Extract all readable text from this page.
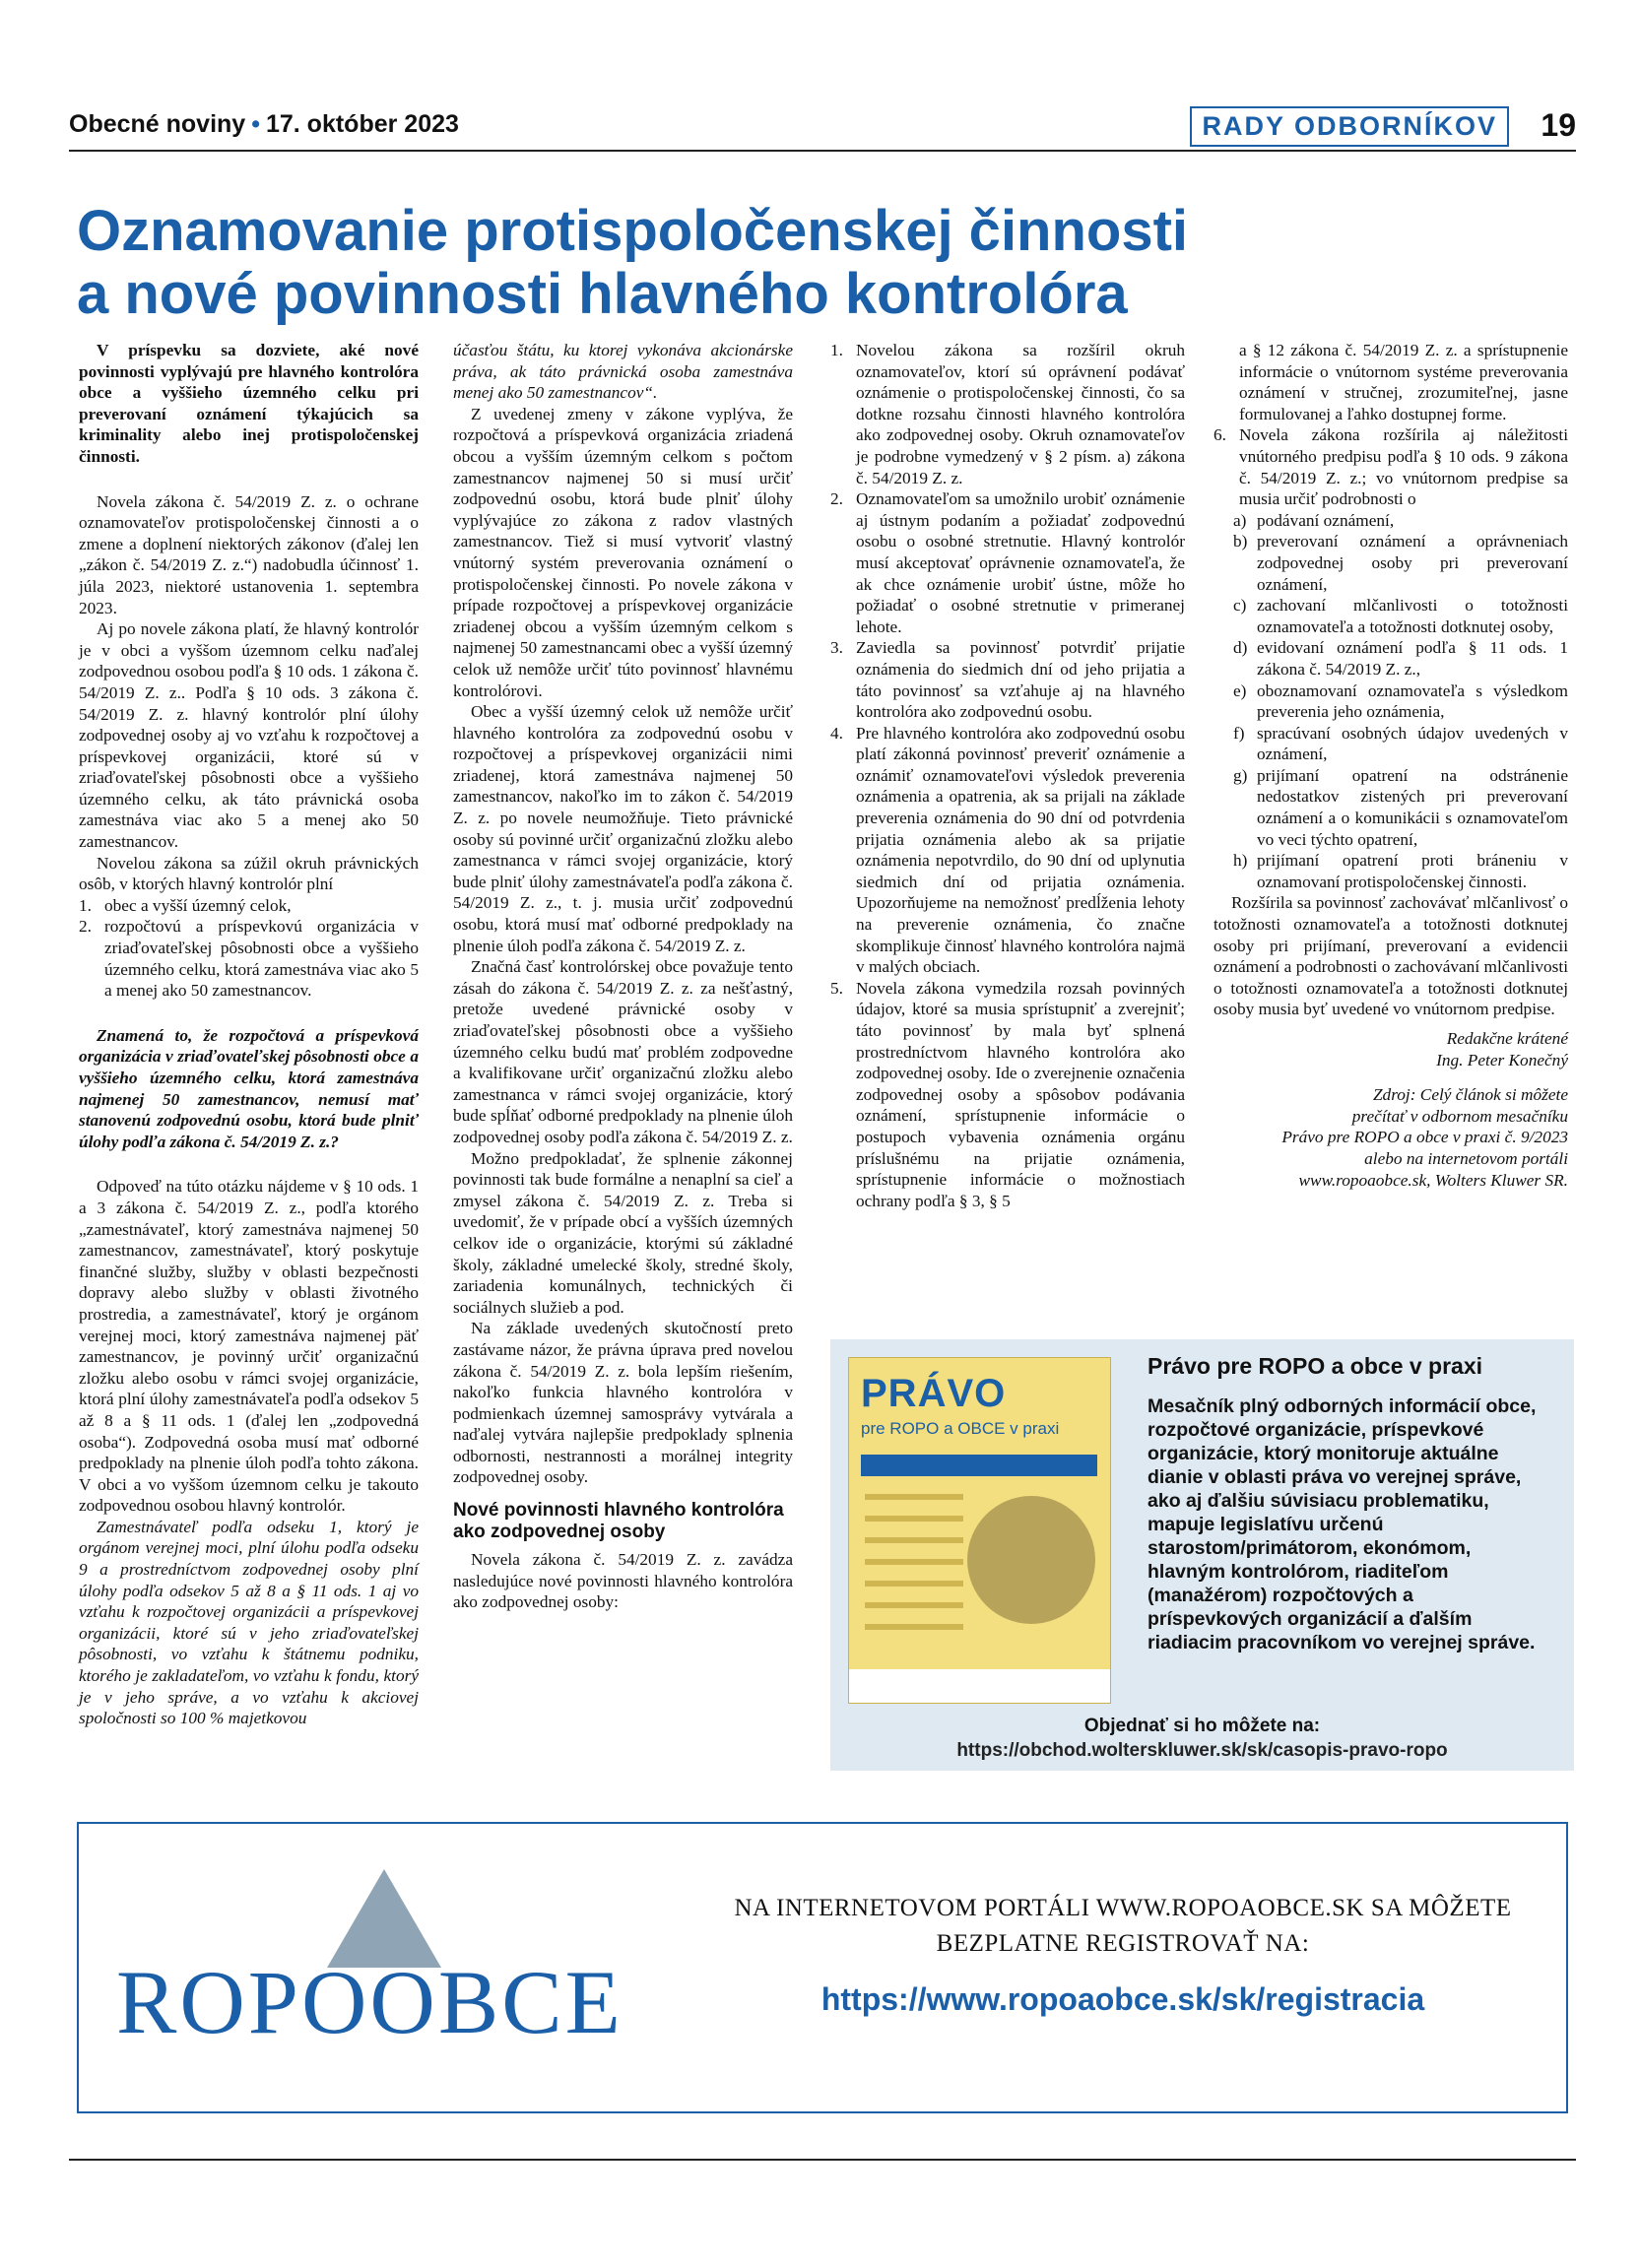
Obecné noviny • 17. október 2023	RADY ODBORNÍKOV	19
Oznamovanie protispoločenskej činnosti
a nové povinnosti hlavného kontrolóra

V príspevku sa dozviete, aké nové povinnosti vyplývajú pre hlavného kontrolóra obce a vyššieho územného celku pri preverovaní oznámení týkajúcich sa kriminality alebo inej protispoločenskej činnosti.

Novela zákona č. 54/2019 Z. z. o ochrane oznamovateľov protispoločenskej činnosti a o zmene a doplnení niektorých zákonov (ďalej len „zákon č. 54/2019 Z. z.“) nadobudla účinnosť 1. júla 2023, niektoré ustanovenia 1. septembra 2023.

Aj po novele zákona platí, že hlavný kontrolór je v obci a vyššom územnom celku naďalej zodpovednou osobou podľa § 10 ods. 1 zákona č. 54/2019 Z. z.. Podľa § 10 ods. 3 zákona č. 54/2019 Z. z. hlavný kontrolór plní úlohy zodpovednej osoby aj vo vzťahu k rozpočtovej a príspevkovej organizácii, ktoré sú v zriaďovateľskej pôsobnosti obce a vyššieho územného celku, ak táto právnická osoba zamestnáva viac ako 5 a menej ako 50 zamestnancov.

Novelou zákona sa zúžil okruh právnických osôb, v ktorých hlavný kontrolór plní

1. obec a vyšší územný celok,
2. rozpočtovú a príspevkovú organizácia v zriaďovateľskej pôsobnosti obce a vyššieho územného celku, ktorá zamestnáva viac ako 5 a menej ako 50 zamestnancov.

Znamená to, že rozpočtová a príspevková organizácia v zriaďovateľskej pôsobnosti obce a vyššieho územného celku, ktorá zamestnáva najmenej 50 zamestnancov, nemusí mať stanovenú zodpovednú osobu, ktorá bude plniť úlohy podľa zákona č. 54/2019 Z. z.?

Odpoveď na túto otázku nájdeme v § 10 ods. 1 a 3 zákona č. 54/2019 Z. z., podľa ktorého „zamestnávateľ, ktorý zamestnáva najmenej 50 zamestnancov, zamestnávateľ, ktorý poskytuje finančné služby, služby v oblasti bezpečnosti dopravy alebo služby v oblasti životného prostredia, a zamestnávateľ, ktorý je orgánom verejnej moci, ktorý zamestnáva najmenej päť zamestnancov, je povinný určiť organizačnú zložku alebo osobu v rámci svojej organizácie, ktorá plní úlohy zamestnávateľa podľa odsekov 5 až 8 a § 11 ods. 1 (ďalej len „zodpovedná osoba“). Zodpovedná osoba musí mať odborné predpoklady na plnenie úloh podľa tohto zákona. V obci a vo vyššom územnom celku je takouto zodpovednou osobou hlavný kontrolór.

Zamestnávateľ podľa odseku 1, ktorý je orgánom verejnej moci, plní úlohu podľa odseku 9 a prostredníctvom zodpovednej osoby plní úlohy podľa odsekov 5 až 8 a § 11 ods. 1 aj vo vzťahu k rozpočtovej organizácii a príspevkovej organizácii, ktoré sú v jeho zriaďovateľskej pôsobnosti, vo vzťahu k štátnemu podniku, ktorého je zakladateľom, vo vzťahu k fondu, ktorý je v jeho správe, a vo vzťahu k akciovej spoločnosti so 100 % majetkovou

účasťou štátu, ku ktorej vykonáva akcionárske práva, ak táto právnická osoba zamestnáva menej ako 50 zamestnancov“.

Z uvedenej zmeny v zákone vyplýva, že rozpočtová a príspevková organizácia zriadená obcou a vyšším územným celkom s počtom zamestnancov najmenej 50 si musí určiť zodpovednú osobu, ktorá bude plniť úlohy vyplývajúce zo zákona z radov vlastných zamestnancov. Tiež si musí vytvoriť vlastný vnútorný systém preverovania oznámení o protispoločenskej činnosti. Po novele zákona v prípade rozpočtovej a príspevkovej organizácie zriadenej obcou a vyšším územným celkom s najmenej 50 zamestnancami obec a vyšší územný celok už nemôže určiť túto povinnosť hlavnému kontrolórovi.

Obec a vyšší územný celok už nemôže určiť hlavného kontrolóra za zodpovednú osobu v rozpočtovej a príspevkovej organizácii nimi zriadenej, ktorá zamestnáva najmenej 50 zamestnancov, nakoľko im to zákon č. 54/2019 Z. z. po novele neumožňuje. Tieto právnické osoby sú povinné určiť organizačnú zložku alebo zamestnanca v rámci svojej organizácie, ktorý bude plniť úlohy zamestnávateľa podľa zákona č. 54/2019 Z. z., t. j. musia určiť zodpovednú osobu, ktorá musí mať odborné predpoklady na plnenie úloh podľa zákona č. 54/2019 Z. z.

Značná časť kontrolórskej obce považuje tento zásah do zákona č. 54/2019 Z. z. za nešťastný, pretože uvedené právnické osoby v zriaďovateľskej pôsobnosti obce a vyššieho územného celku budú mať problém zodpovedne a kvalifikovane určiť organizačnú zložku alebo zamestnanca v rámci svojej organizácie, ktorý bude spĺňať odborné predpoklady na plnenie úloh zodpovednej osoby podľa zákona č. 54/2019 Z. z.

Možno predpokladať, že splnenie zákonnej povinnosti tak bude formálne a nenaplní sa cieľ a zmysel zákona č. 54/2019 Z. z. Treba si uvedomiť, že v prípade obcí a vyšších územných celkov ide o organizácie, ktorými sú základné školy, základné umelecké školy, stredné školy, zariadenia komunálnych, technických či sociálnych služieb a pod.

Na základe uvedených skutočností preto zastávame názor, že právna úprava pred novelou zákona č. 54/2019 Z. z. bola lepším riešením, nakoľko funkcia hlavného kontrolóra v podmienkach územnej samosprávy vytvárala a naďalej vytvára najlepšie predpoklady splnenia odbornosti, nestrannosti a morálnej integrity zodpovednej osoby.

Nové povinnosti hlavného kontrolóra ako zodpovednej osoby

Novela zákona č. 54/2019 Z. z. zavádza nasledujúce nové povinnosti hlavného kontrolóra ako zodpovednej osoby:

1. Novelou zákona sa rozšíril okruh oznamovateľov, ktorí sú oprávnení podávať oznámenie o protispoločenskej činnosti, čo sa dotkne rozsahu činnosti hlavného kontrolóra ako zodpovednej osoby. Okruh oznamovateľov je podrobne vymedzený v § 2 písm. a) zákona č. 54/2019 Z. z.
2. Oznamovateľom sa umožnilo urobiť oznámenie aj ústnym podaním a požiadať zodpovednú osobu o osobné stretnutie. Hlavný kontrolór musí akceptovať oprávnenie oznamovateľa, že ak chce oznámenie urobiť ústne, môže ho požiadať o osobné stretnutie v primeranej lehote.
3. Zaviedla sa povinnosť potvrdiť prijatie oznámenia do siedmich dní od jeho prijatia a táto povinnosť sa vzťahuje aj na hlavného kontrolóra ako zodpovednú osobu.
4. Pre hlavného kontrolóra ako zodpovednú osobu platí zákonná povinnosť preveriť oznámenie a oznámiť oznamovateľovi výsledok preverenia oznámenia a opatrenia, ak sa prijali na základe preverenia oznámenia do 90 dní od potvrdenia prijatia oznámenia alebo ak sa prijatie oznámenia nepotvrdilo, do 90 dní od uplynutia siedmich dní od prijatia oznámenia. Upozorňujeme na nemožnosť predĺženia lehoty na preverenie oznámenia, čo značne skomplikuje činnosť hlavného kontrolóra najmä v malých obciach.
5. Novela zákona vymedzila rozsah povinných údajov, ktoré sa musia sprístupniť a zverejniť; táto povinnosť by mala byť splnená prostredníctvom hlavného kontrolóra ako zodpovednej osoby. Ide o zverejnenie označenia zodpovednej osoby a spôsobov podávania oznámení, sprístupnenie informácie o postupoch vybavenia oznámenia orgánu príslušnému na prijatie oznámenia, sprístupnenie informácie o možnostiach ochrany podľa § 3, § 5

a § 12 zákona č. 54/2019 Z. z. a sprístupnenie informácie o vnútornom systéme preverovania oznámení v stručnej, zrozumiteľnej, jasne formulovanej a ľahko dostupnej forme.

6. Novela zákona rozšírila aj náležitosti vnútorného predpisu podľa § 10 ods. 9 zákona č. 54/2019 Z. z.; vo vnútornom predpise sa musia určiť podrobnosti o
a) podávaní oznámení,
b) preverovaní oznámení a oprávneniach zodpovednej osoby pri preverovaní oznámení,
c) zachovaní mlčanlivosti o totožnosti oznamovateľa a totožnosti dotknutej osoby,
d) evidovaní oznámení podľa § 11 ods. 1 zákona č. 54/2019 Z. z.,
e) oboznamovaní oznamovateľa s výsledkom preverenia jeho oznámenia,
f) spracúvaní osobných údajov uvedených v oznámení,
g) prijímaní opatrení na odstránenie nedostatkov zistených pri preverovaní oznámení a o komunikácii s oznamovateľom vo veci týchto opatrení,
h) prijímaní opatrení proti bráneniu v oznamovaní protispoločenskej činnosti.

Rozšírila sa povinnosť zachovávať mlčanlivosť o totožnosti oznamovateľa a totožnosti dotknutej osoby pri prijímaní, preverovaní a evidencii oznámení a podrobnosti o zachovávaní mlčanlivosti o totožnosti oznamovateľa a totožnosti dotknutej osoby musia byť uvedené vo vnútornom predpise.

Redakčne krátené
Ing. Peter Konečný
Zdroj: Celý článok si môžete
prečítať v odbornom mesačníku
Právo pre ROPO a obce v praxi č. 9/2023
alebo na internetovom portáli
www.ropoaobce.sk, Wolters Kluwer SR.
PRÁVO
pre ROPO a OBCE v praxi
Právo pre ROPO a obce v praxi
Mesačník plný odborných informácií obce, rozpočtové organizácie, príspevkové organizácie, ktorý monitoruje aktuálne dianie v oblasti práva vo verejnej správe, ako aj ďalšiu súvisiacu problematiku, mapuje legislatívu určenú starostom/primátorom, ekonómom, hlavným kontrolórom, riaditeľom (manažérom) rozpočtových a príspevkových organizácií a ďalším riadiacim pracovníkom vo verejnej správe.
Objednať si ho môžete na:
https://obchod.wolterskluwer.sk/sk/casopis-pravo-ropo
ROPOOBCE
NA INTERNETOVOM PORTÁLI WWW.ROPOAOBCE.SK SA MÔŽETE
BEZPLATNE REGISTROVAŤ NA:
https://www.ropoaobce.sk/sk/registracia
